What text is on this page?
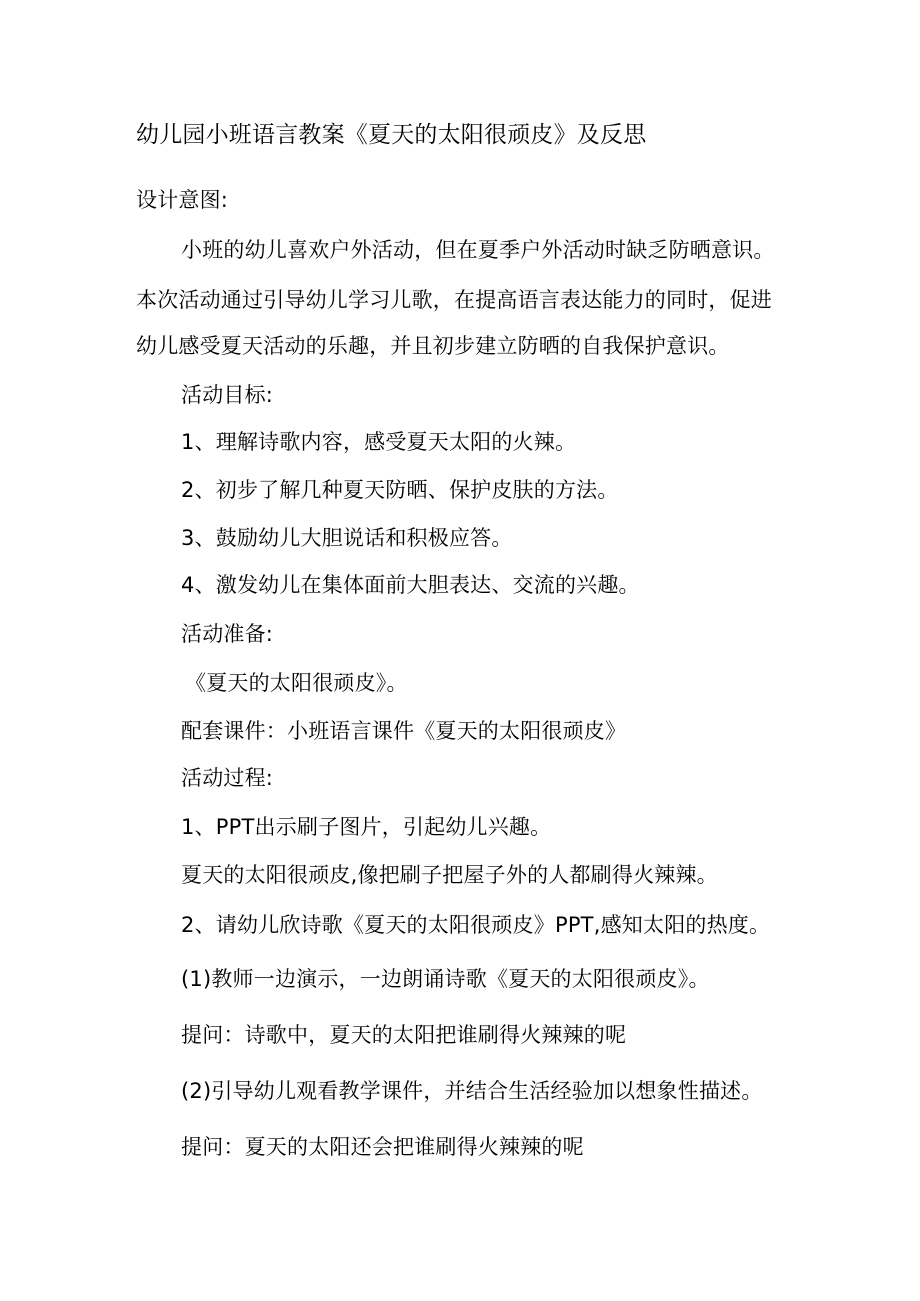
幼儿园小班语言教案《夏天的太阳很顽皮》及反思
设计意图:
小班的幼儿喜欢户外活动，但在夏季户外活动时缺乏防晒意识。
本次活动通过引导幼儿学习儿歌，在提高语言表达能力的同时，促进
幼儿感受夏天活动的乐趣，并且初步建立防晒的自我保护意识。
活动目标:
1、理解诗歌内容，感受夏天太阳的火辣。
2、初步了解几种夏天防晒、保护皮肤的方法。
3、鼓励幼儿大胆说话和积极应答。
4、激发幼儿在集体面前大胆表达、交流的兴趣。
活动准备:
《夏天的太阳很顽皮》。
配套课件：小班语言课件《夏天的太阳很顽皮》
活动过程:
1、PPT出示刷子图片，引起幼儿兴趣。
夏天的太阳很顽皮,像把刷子把屋子外的人都刷得火辣辣。
2、请幼儿欣诗歌《夏天的太阳很顽皮》PPT,感知太阳的热度。
(1)教师一边演示，一边朗诵诗歌《夏天的太阳很顽皮》。
提问：诗歌中，夏天的太阳把谁刷得火辣辣的呢
(2)引导幼儿观看教学课件，并结合生活经验加以想象性描述。
提问：夏天的太阳还会把谁刷得火辣辣的呢
